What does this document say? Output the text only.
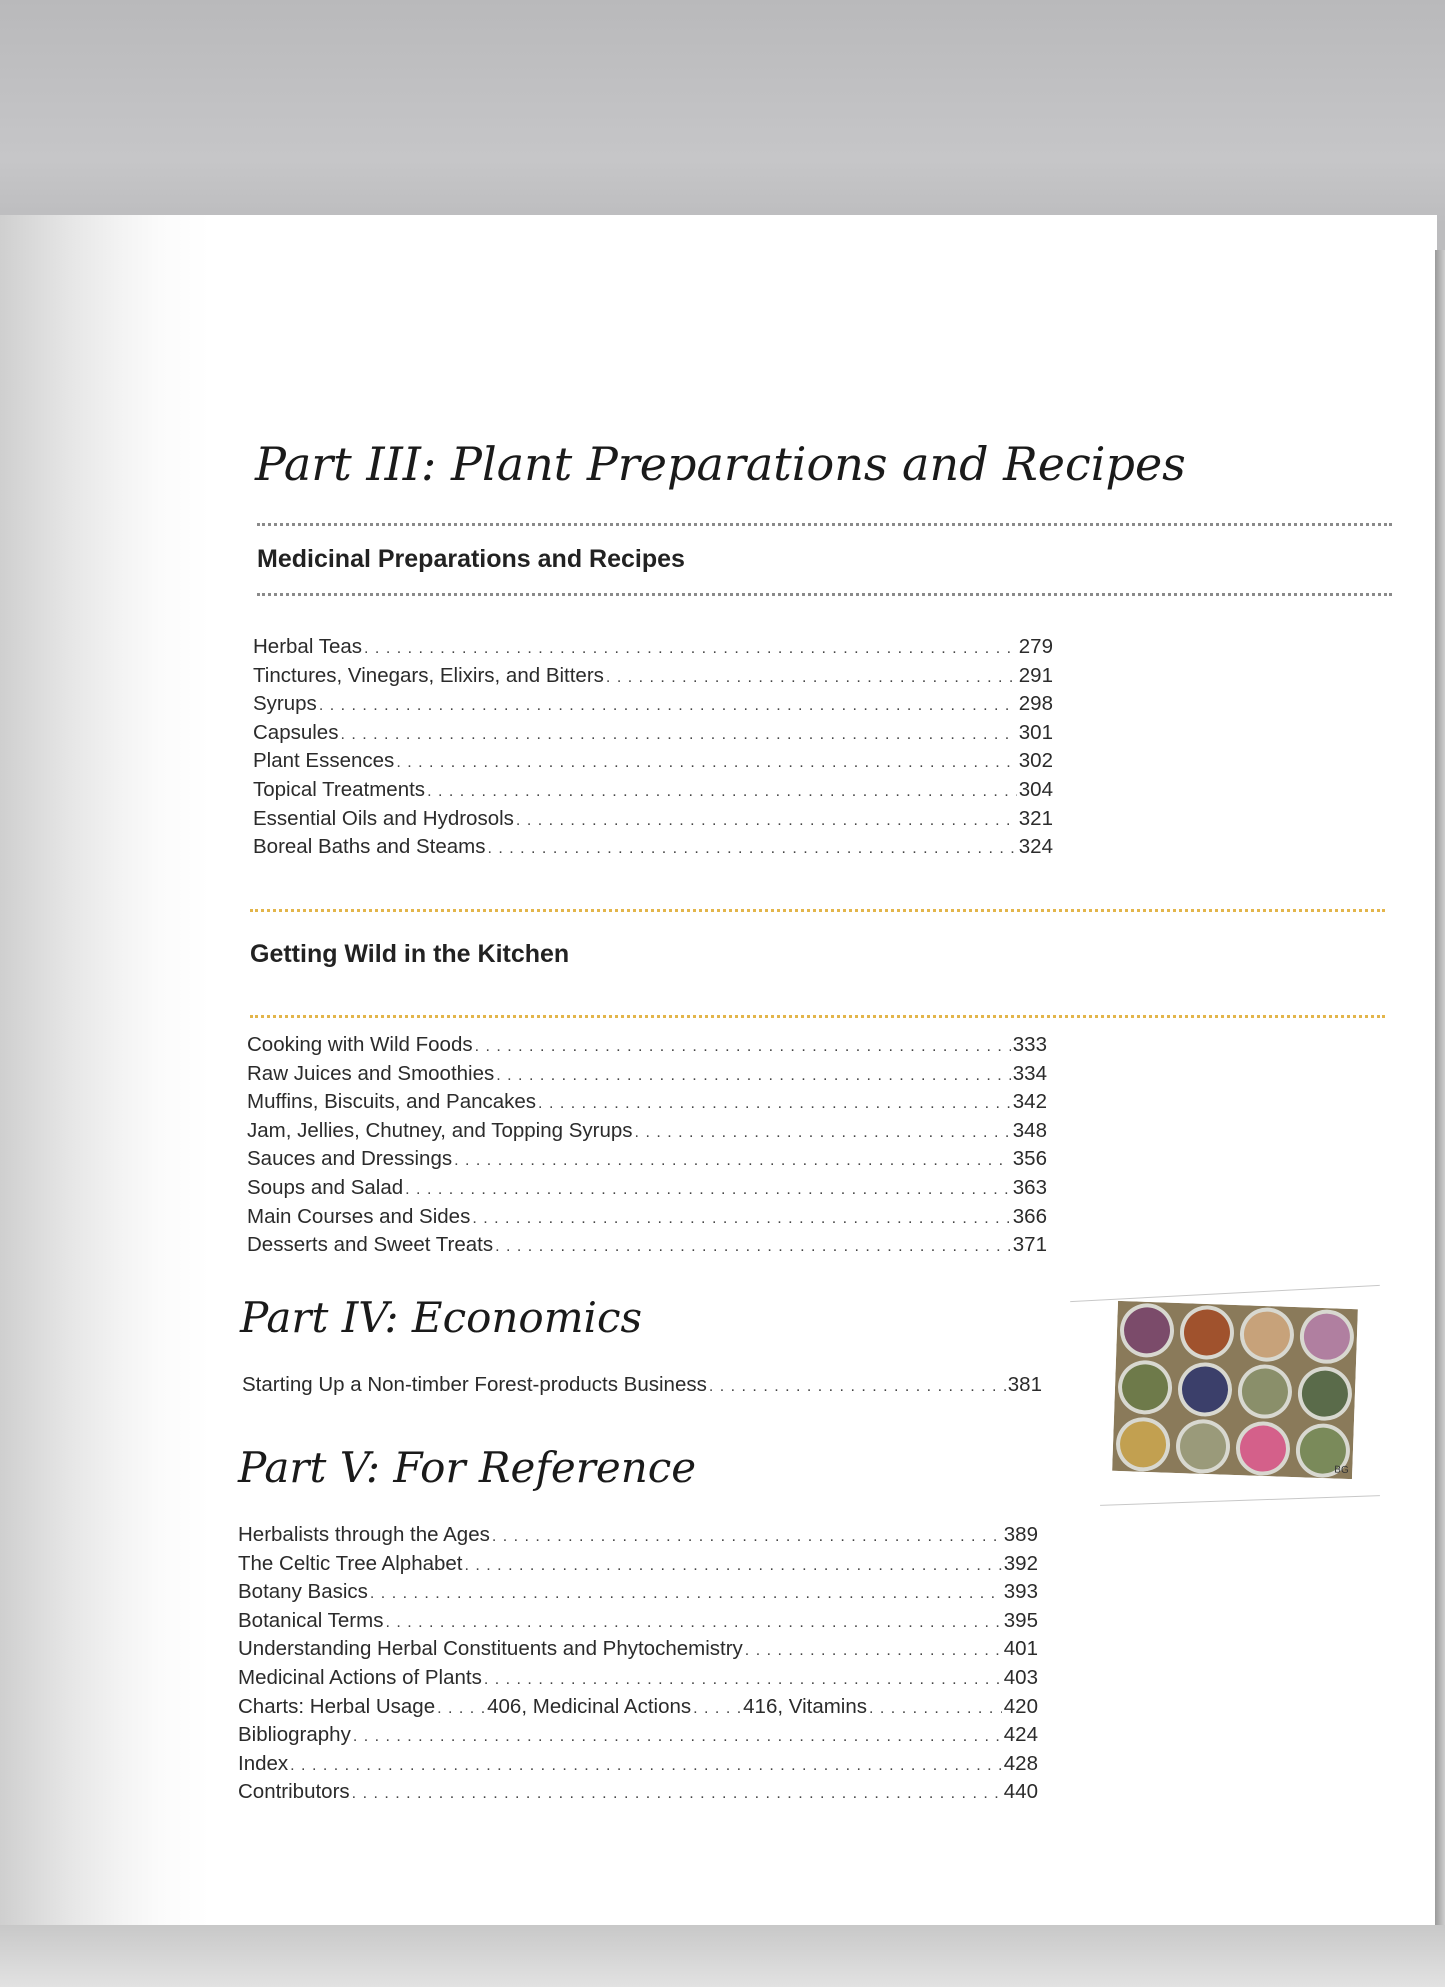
Part III: Plant Preparations and Recipes
Medicinal Preparations and Recipes
Herbal Teas . . .	279
Tinctures, Vinegars, Elixirs, and Bitters . . .	291
Syrups . . .	298
Capsules . . .	301
Plant Essences . . .	302
Topical Treatments . . .	304
Essential Oils and Hydrosols . . .	321
Boreal Baths and Steams . . .	324
Getting Wild in the Kitchen
Cooking with Wild Foods . . .	333
Raw Juices and Smoothies . . .	334
Muffins, Biscuits, and Pancakes . . .	342
Jam, Jellies, Chutney, and Topping Syrups . . .	348
Sauces and Dressings . . .	356
Soups and Salad . . .	363
Main Courses and Sides . . .	366
Desserts and Sweet Treats . . .	371
Part IV: Economics
Starting Up a Non-timber Forest-products Business . . .	381
Part V: For Reference
Herbalists through the Ages . . .	389
The Celtic Tree Alphabet . . .	392
Botany Basics . . .	393
Botanical Terms . . .	395
Understanding Herbal Constituents and Phytochemistry . . .	401
Medicinal Actions of Plants . . .	403
Charts: Herbal Usage . . .	406 , Medicinal Actions . . .	416 , Vitamins . . .	420
Bibliography . . .	424
Index . . .	428
Contributors . . .	440
BG
